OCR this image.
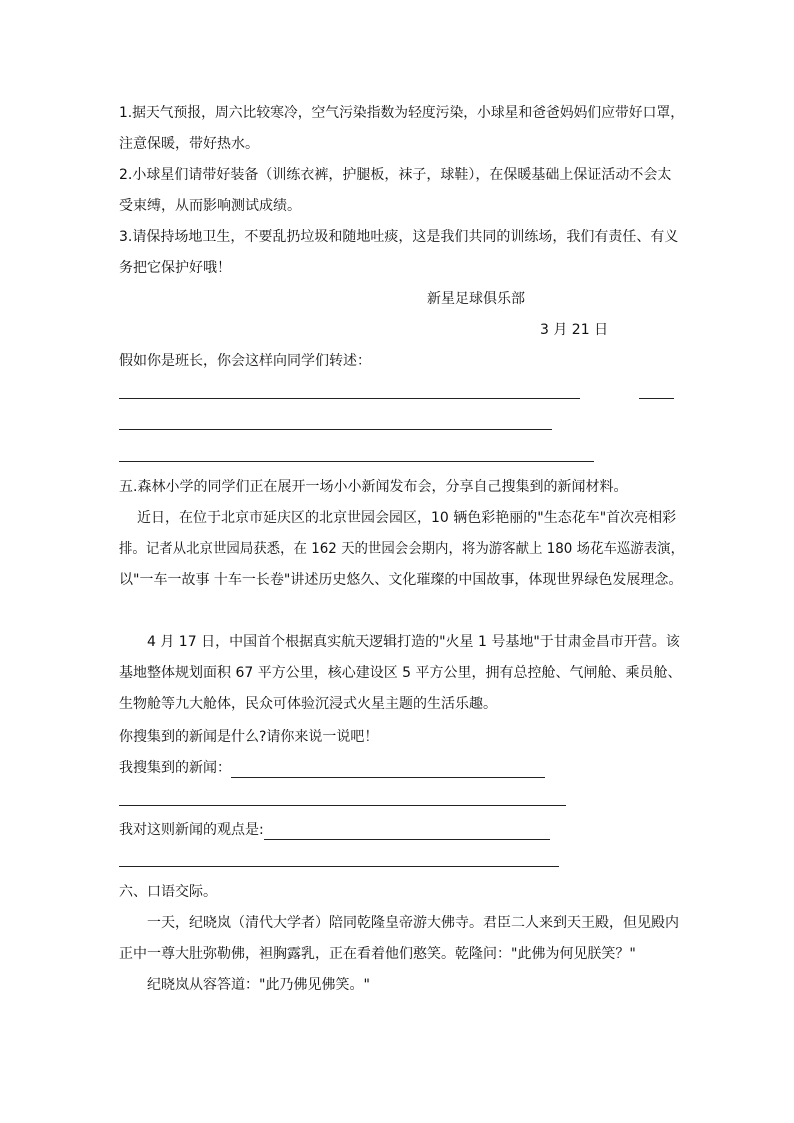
1.据天气预报，周六比较寒冷，空气污染指数为轻度污染，小球星和爸爸妈妈们应带好口罩，

注意保暖，带好热水。

2.小球星们请带好装备（训练衣裤，护腿板，袜子，球鞋），在保暖基础上保证活动不会太

受束缚，从而影响测试成绩。

3.请保持场地卫生，不要乱扔垃圾和随地吐痰，这是我们共同的训练场，我们有责任、有义

务把它保护好哦！

新星足球俱乐部

3 月 21 日

假如你是班长，你会这样向同学们转述：

五.森林小学的同学们正在展开一场小小新闻发布会，分享自己搜集到的新闻材料。

近日，在位于北京市延庆区的北京世园会园区，10 辆色彩艳丽的"生态花车"首次亮相彩

排。记者从北京世园局获悉，在 162 天的世园会会期内，将为游客献上 180 场花车巡游表演，

以"一车一故事 十车一长卷"讲述历史悠久、文化璀璨的中国故事，体现世界绿色发展理念。

4 月 17 日，中国首个根据真实航天逻辑打造的"火星 1 号基地"于甘肃金昌市开营。该

基地整体规划面积 67 平方公里，核心建设区 5 平方公里，拥有总控舱、气闸舱、乘员舱、

生物舱等九大舱体，民众可体验沉浸式火星主题的生活乐趣。

你搜集到的新闻是什么?请你来说一说吧！

我搜集到的新闻：

我对这则新闻的观点是:

六、口语交际。

一天，纪晓岚（清代大学者）陪同乾隆皇帝游大佛寺。君臣二人来到天王殿，但见殿内

正中一尊大肚弥勒佛，袒胸露乳，正在看着他们憨笑。乾隆问："此佛为何见朕笑？"

纪晓岚从容答道："此乃佛见佛笑。"
